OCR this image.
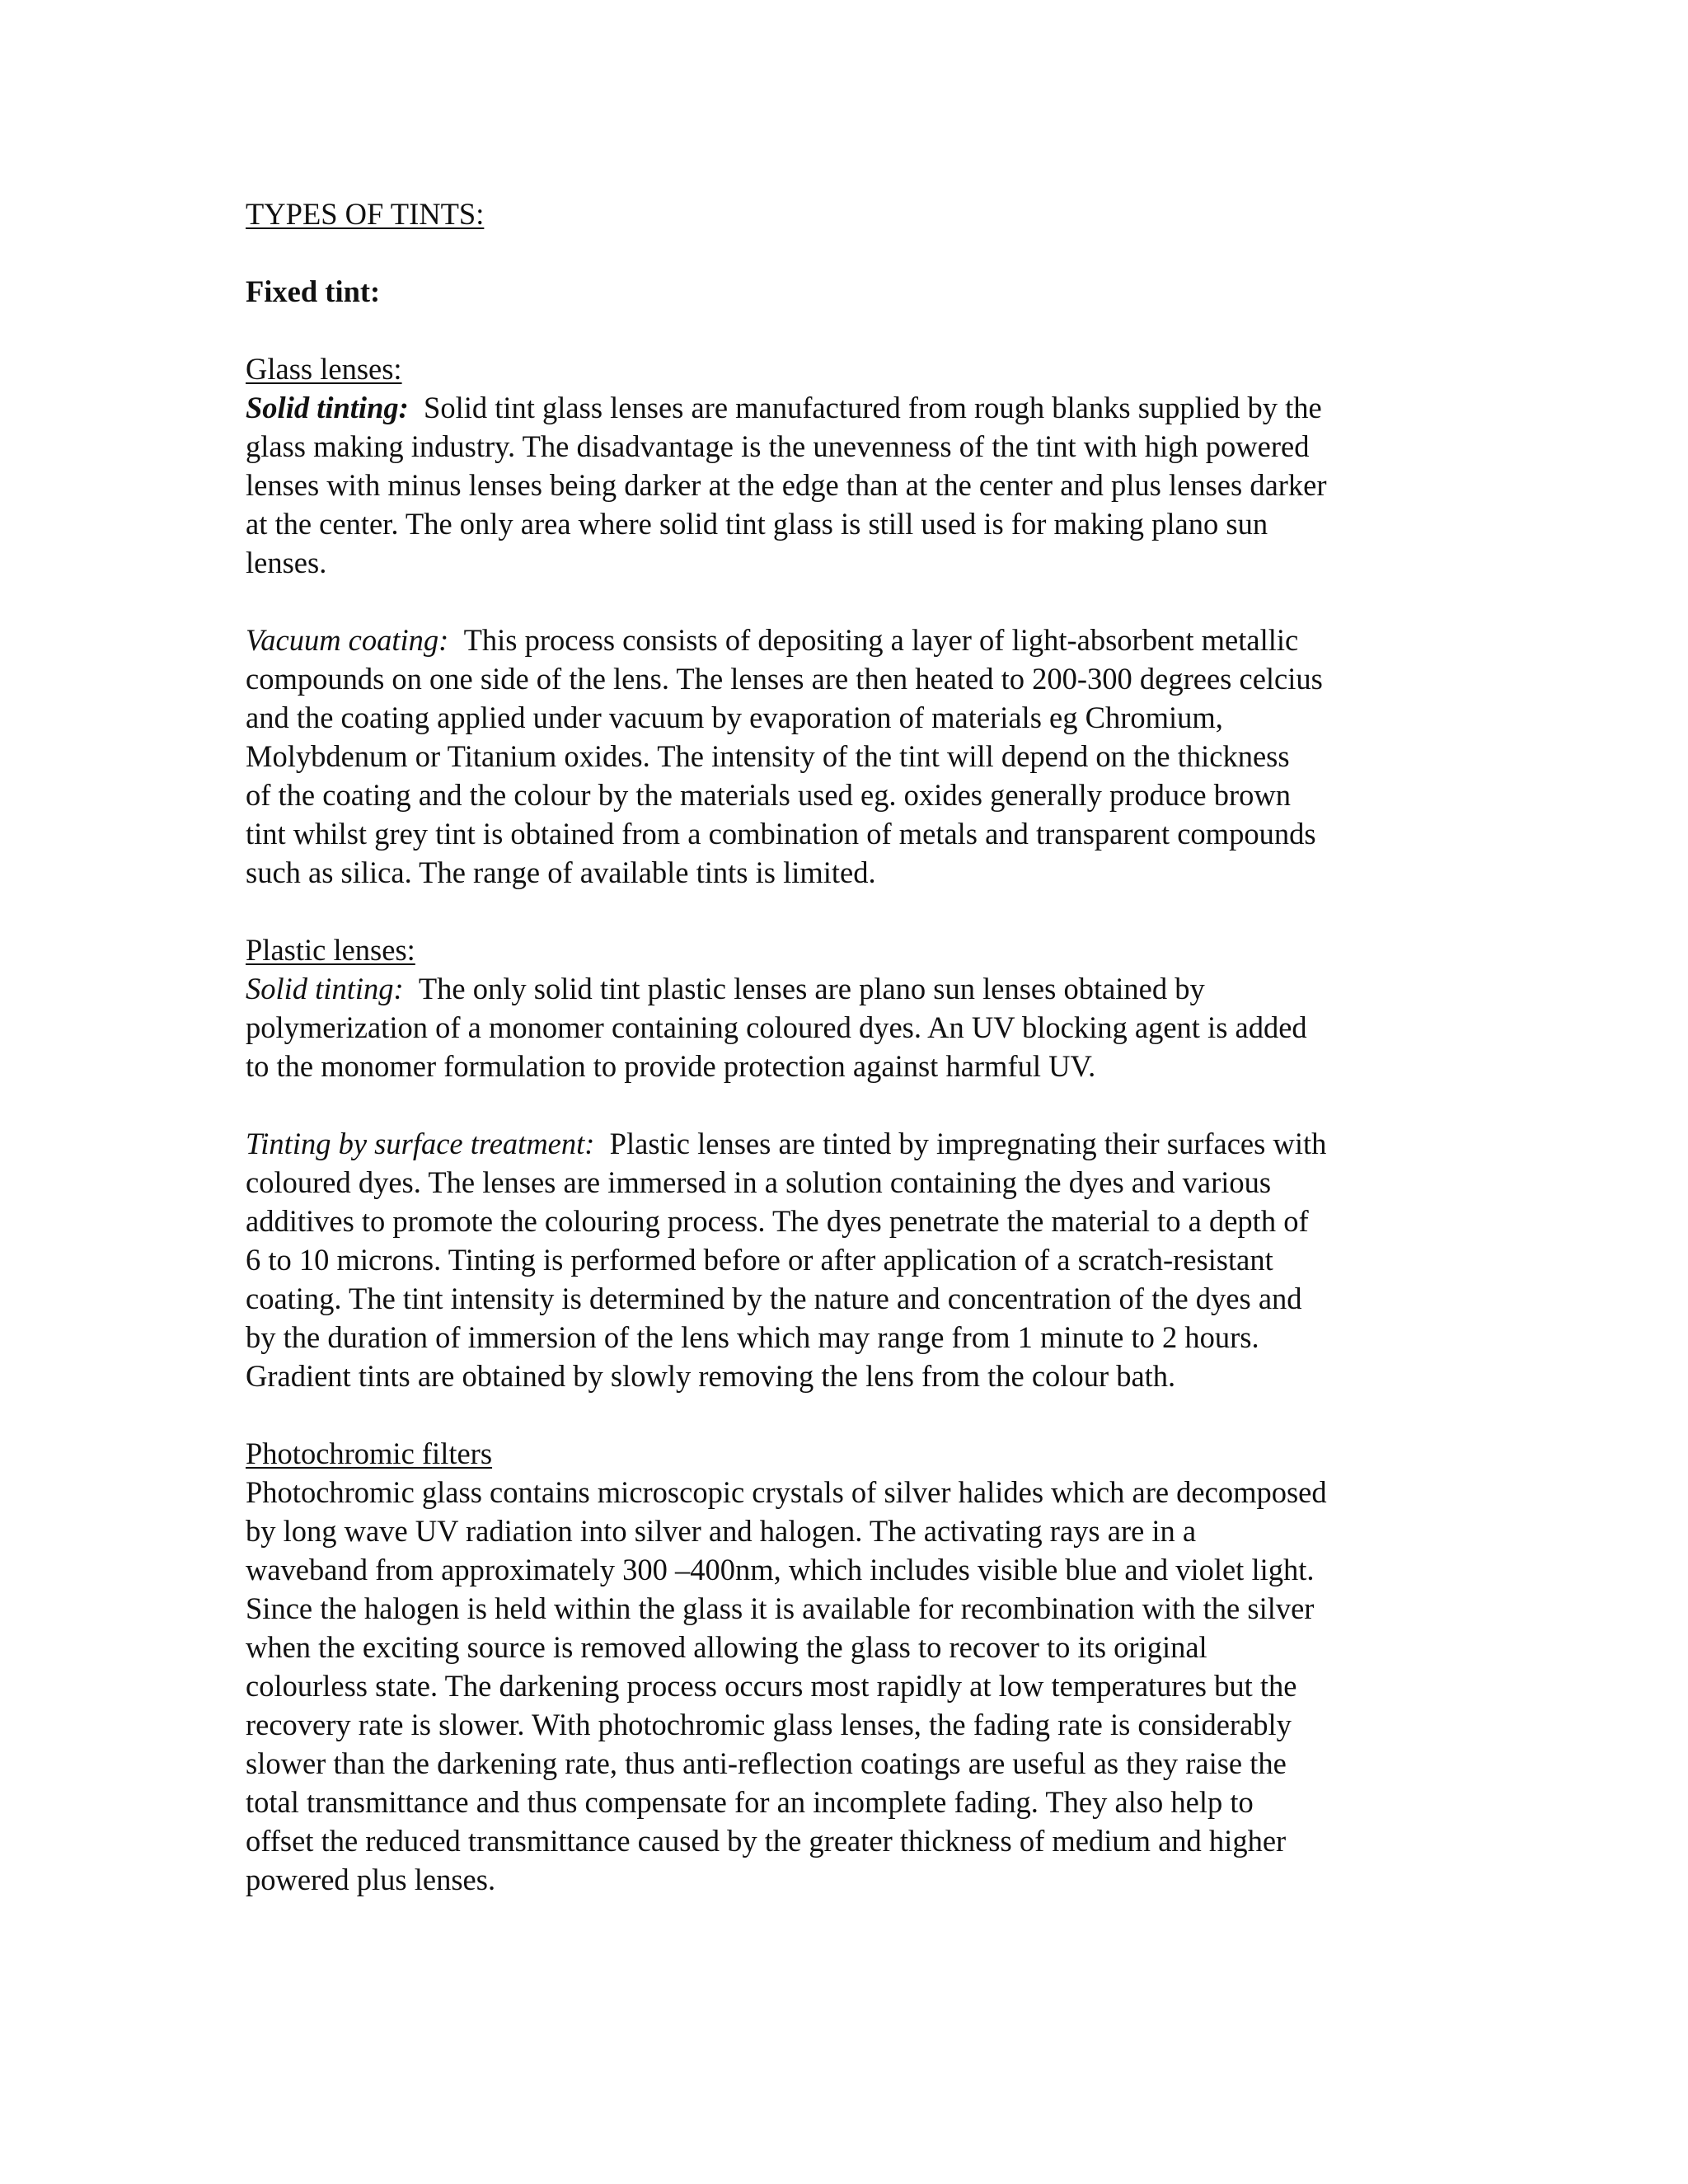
TYPES OF TINTS:
Fixed tint:
Glass lenses:
Solid tinting: Solid tint glass lenses are manufactured from rough blanks supplied by the
glass making industry. The disadvantage is the unevenness of the tint with high powered
lenses with minus lenses being darker at the edge than at the center and plus lenses darker
at the center. The only area where solid tint glass is still used is for making plano sun
lenses.
Vacuum coating: This process consists of depositing a layer of light-absorbent metallic
compounds on one side of the lens. The lenses are then heated to 200-300 degrees celcius
and the coating applied under vacuum by evaporation of materials eg Chromium,
Molybdenum or Titanium oxides. The intensity of the tint will depend on the thickness
of the coating and the colour by the materials used eg. oxides generally produce brown
tint whilst grey tint is obtained from a combination of metals and transparent compounds
such as silica. The range of available tints is limited.
Plastic lenses:
Solid tinting: The only solid tint plastic lenses are plano sun lenses obtained by
polymerization of a monomer containing coloured dyes. An UV blocking agent is added
to the monomer formulation to provide protection against harmful UV.
Tinting by surface treatment: Plastic lenses are tinted by impregnating their surfaces with
coloured dyes. The lenses are immersed in a solution containing the dyes and various
additives to promote the colouring process. The dyes penetrate the material to a depth of
6 to 10 microns. Tinting is performed before or after application of a scratch-resistant
coating. The tint intensity is determined by the nature and concentration of the dyes and
by the duration of immersion of the lens which may range from 1 minute to 2 hours.
Gradient tints are obtained by slowly removing the lens from the colour bath.
Photochromic filters
Photochromic glass contains microscopic crystals of silver halides which are decomposed
by long wave UV radiation into silver and halogen. The activating rays are in a
waveband from approximately 300 –400nm, which includes visible blue and violet light.
Since the halogen is held within the glass it is available for recombination with the silver
when the exciting source is removed allowing the glass to recover to its original
colourless state. The darkening process occurs most rapidly at low temperatures but the
recovery rate is slower. With photochromic glass lenses, the fading rate is considerably
slower than the darkening rate, thus anti-reflection coatings are useful as they raise the
total transmittance and thus compensate for an incomplete fading. They also help to
offset the reduced transmittance caused by the greater thickness of medium and higher
powered plus lenses.
